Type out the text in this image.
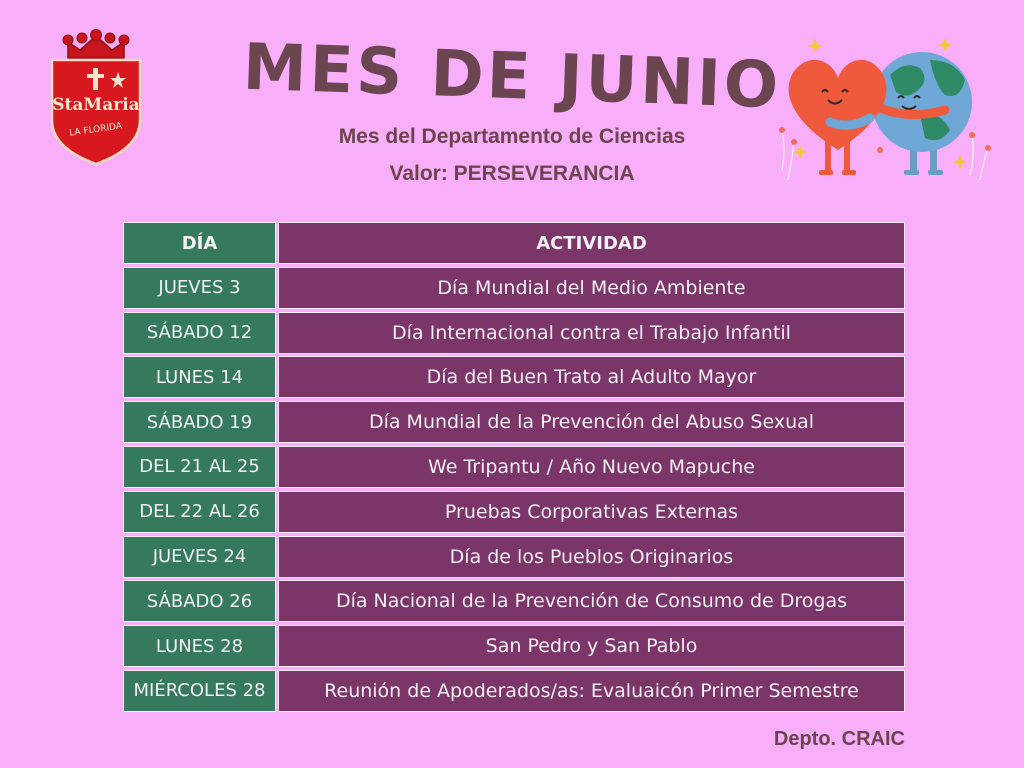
StaMaria
LA FLORIDA
MES DE JUNIO
Mes del Departamento de Ciencias
Valor: PERSEVERANCIA
DÍA	ACTIVIDAD
JUEVES 3	Día Mundial del Medio Ambiente
SÁBADO 12	Día Internacional contra el Trabajo Infantil
LUNES 14	Día del Buen Trato al Adulto Mayor
SÁBADO 19	Día Mundial de la Prevención del Abuso Sexual
DEL 21 AL 25	We Tripantu / Año Nuevo Mapuche
DEL 22 AL 26	Pruebas Corporativas Externas
JUEVES 24	Día de los Pueblos Originarios
SÁBADO 26	Día Nacional de la Prevención de Consumo de Drogas
LUNES 28	San Pedro y San Pablo
MIÉRCOLES 28	Reunión de Apoderados/as: Evaluaicón Primer Semestre
Depto. CRAIC
